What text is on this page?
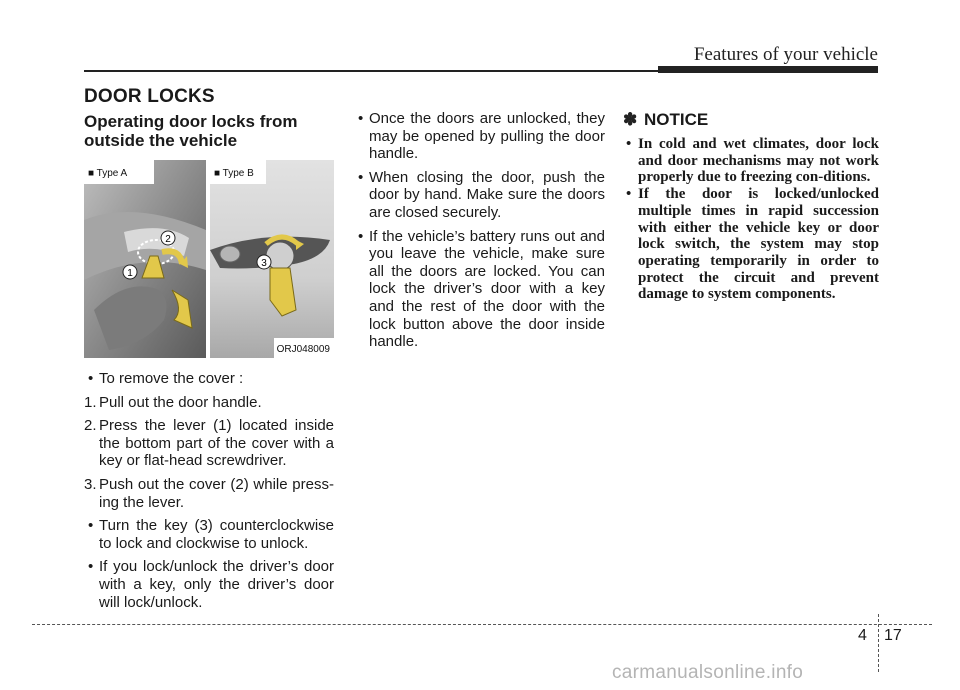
Features of your vehicle
DOOR LOCKS
Operating door locks from outside the vehicle
1
2
3
■ Type A	■ Type B
ORJ048009

• To remove the cover :

1. Pull out the door handle.

2. Press the lever (1) located inside the bottom part of the cover with a key or flat-head screwdriver.

3. Push out the cover (2) while press-ing the lever.

• Turn the key (3) counterclockwise to lock and clockwise to unlock.

• If you lock/unlock the driver’s door with a key, only the driver’s door will lock/unlock.

• Once the doors are unlocked, they may be opened by pulling the door handle.

• When closing the door, push the door by hand. Make sure the doors are closed securely.

• If the vehicle’s battery runs out and you leave the vehicle, make sure all the doors are locked. You can lock the driver’s door with a key and the rest of the door with the lock button above the door inside handle.

✽ NOTICE

• In cold and wet climates, door lock and door mechanisms may not work properly due to freezing con-ditions.

• If the door is locked/unlocked multiple times in rapid succession with either the vehicle key or door lock switch, the system may stop operating temporarily in order to protect the circuit and prevent damage to system components.

4 17
carmanualsonline.info
